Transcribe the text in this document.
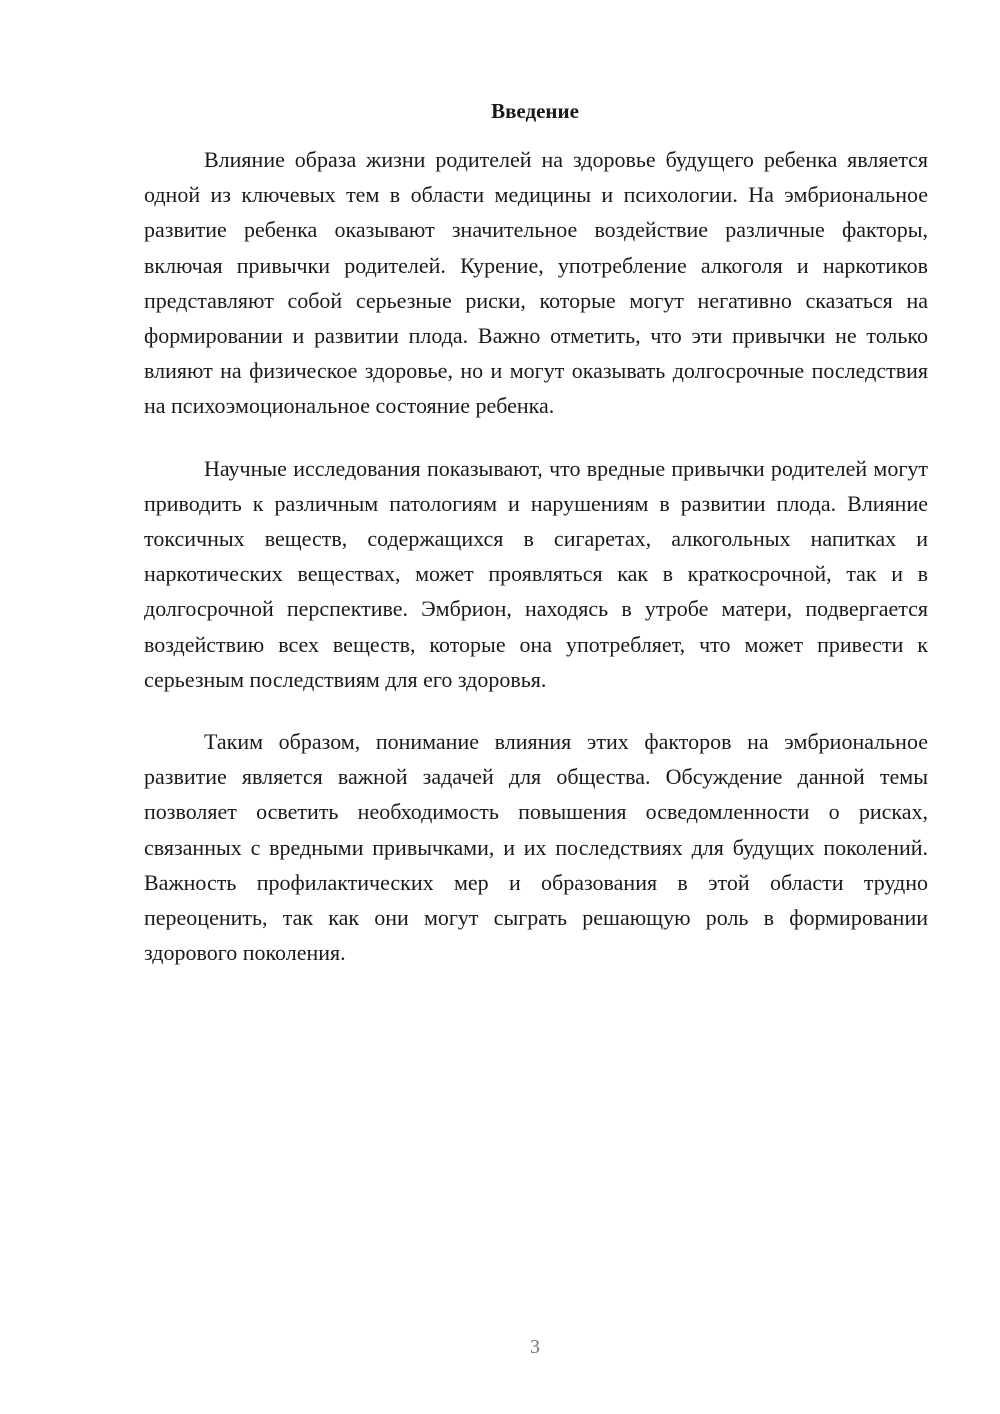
Введение

Влияние образа жизни родителей на здоровье будущего ребенка является одной из ключевых тем в области медицины и психологии. На эмбриональное развитие ребенка оказывают значительное воздействие различные факторы, включая привычки родителей. Курение, употребление алкоголя и наркотиков представляют собой серьезные риски, которые могут негативно сказаться на формировании и развитии плода. Важно отметить, что эти привычки не только влияют на физическое здоровье, но и могут оказывать долгосрочные последствия на психоэмоциональное состояние ребенка.

Научные исследования показывают, что вредные привычки родителей могут приводить к различным патологиям и нарушениям в развитии плода. Влияние токсичных веществ, содержащихся в сигаретах, алкогольных напитках и наркотических веществах, может проявляться как в краткосрочной, так и в долгосрочной перспективе. Эмбрион, находясь в утробе матери, подвергается воздействию всех веществ, которые она употребляет, что может привести к серьезным последствиям для его здоровья.

Таким образом, понимание влияния этих факторов на эмбриональное развитие является важной задачей для общества. Обсуждение данной темы позволяет осветить необходимость повышения осведомленности о рисках, связанных с вредными привычками, и их последствиях для будущих поколений. Важность профилактических мер и образования в этой области трудно переоценить, так как они могут сыграть решающую роль в формировании здорового поколения.

3
